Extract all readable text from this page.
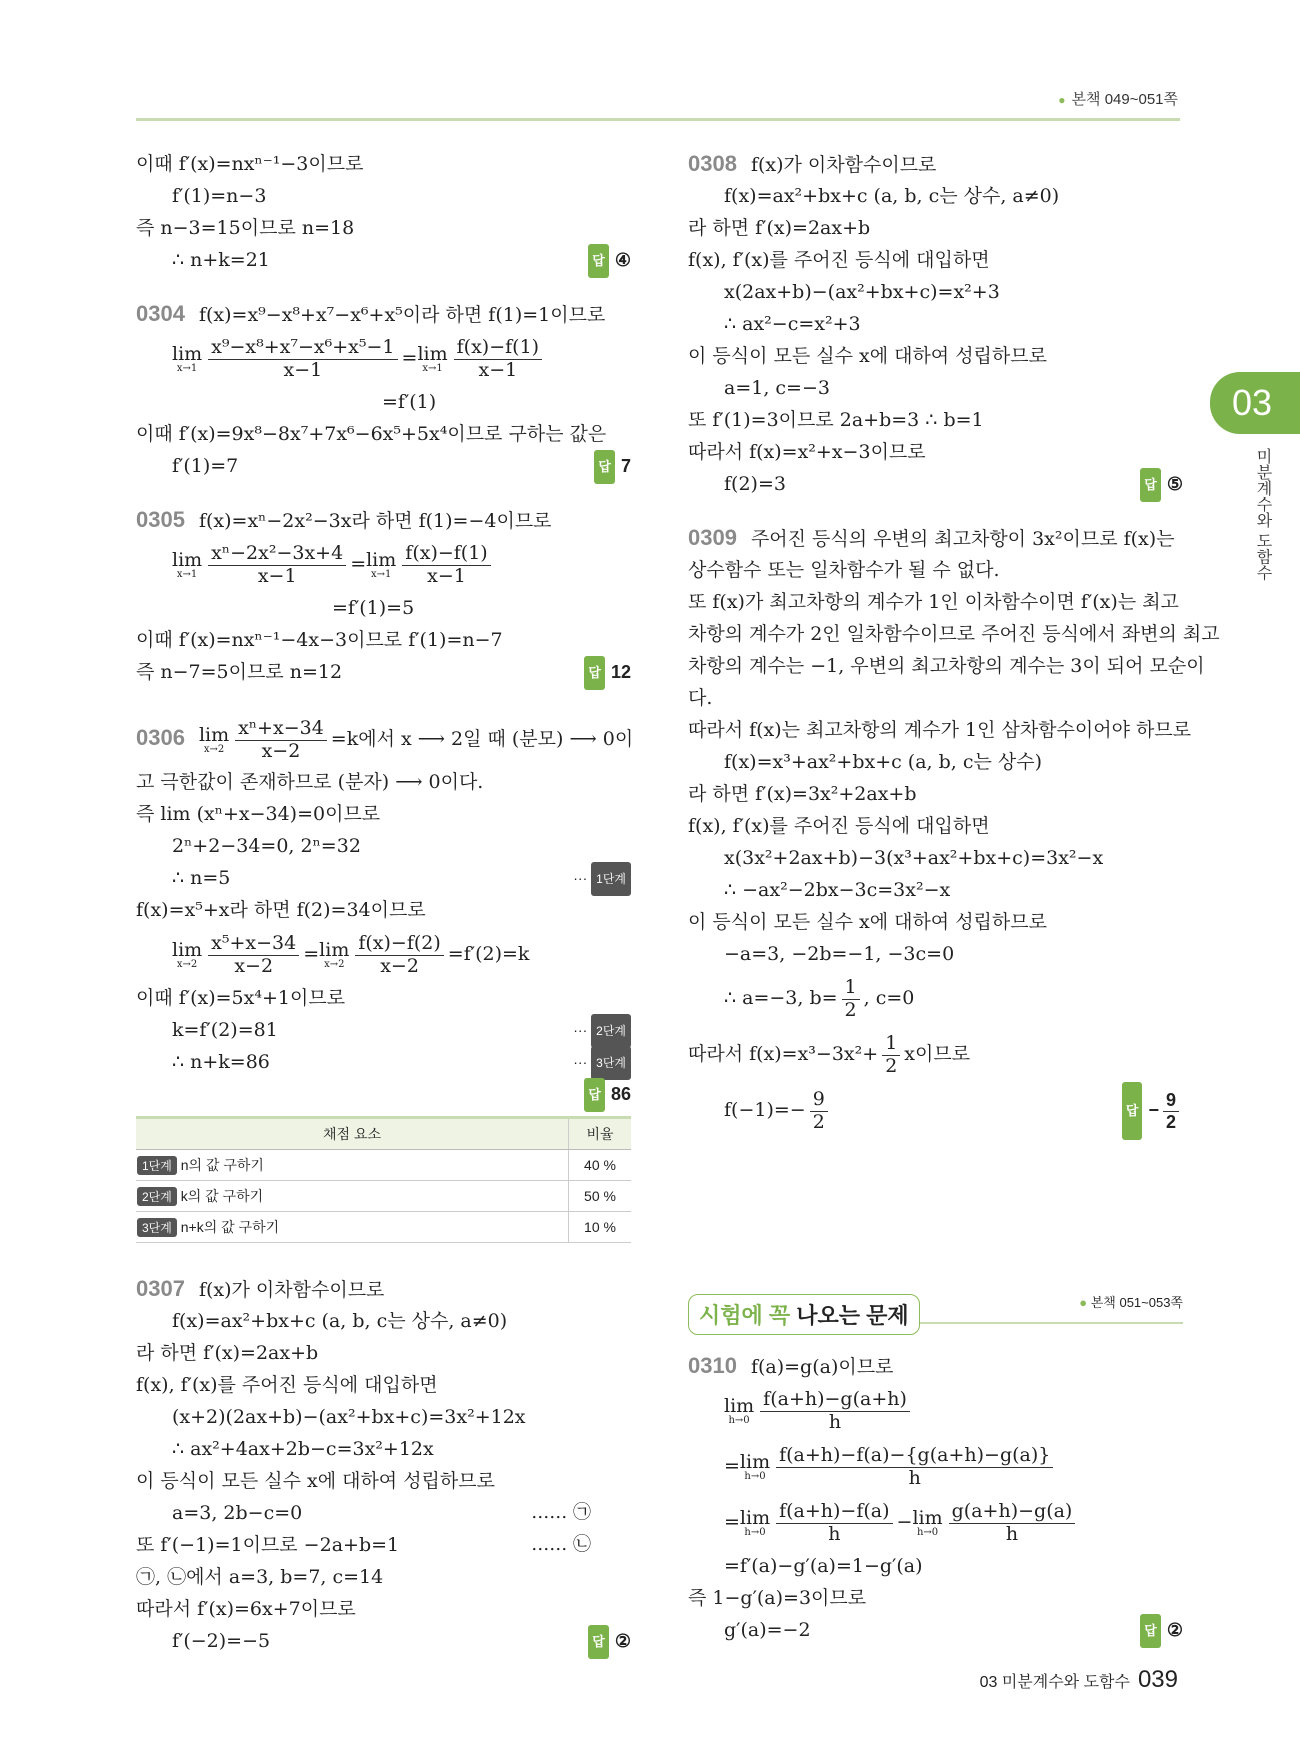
● 본책 049~051쪽
03
미분계수와 도함수
이때 f′(x)=nxⁿ⁻¹−3이므로
f′(1)=n−3
즉 n−3=15이므로 n=18
∴ n+k=21	답 ④
0304 f(x)=x⁹−x⁸+x⁷−x⁶+x⁵이라 하면 f(1)=1이므로
lim
$x\to 1 \frac{\text{x⁹−x⁸+x⁷−x⁶+x⁵−1}}{x-1} =\lim$
$x\to 1 \frac{f(x)-f(1)}{x-1}$
=f′(1)
이때 f′(x)=9x⁸−8x⁷+7x⁶−6x⁵+5x⁴이므로 구하는 값은
f′(1)=7	답 7
0305 f(x)=xⁿ−2x²−3x라 하면 f(1)=−4이므로
lim
$x\to 1 \frac{\text{xⁿ−2x²−3x+4}}{x-1} =\lim$
$x\to 1 \frac{f(x)-f(1)}{x-1}$
=f′(1)=5
이때 f′(x)=nxⁿ⁻¹−4x−3이므로 f′(1)=n−7
즉 n−7=5이므로 n=12	답 12
0306 lim
$x\to 2 \frac{\text{xⁿ+x−34}}{x-2} =k$에서 x ⟶ 2일 때 (분모) ⟶ 0이
고 극한값이 존재하므로 (분자) ⟶ 0이다.
즉 lim (xⁿ+x−34)=0이므로
2ⁿ+2−34=0, 2ⁿ=32
∴ n=5	··· 1단계
f(x)=x⁵+x라 하면 f(2)=34이므로
lim
$x\to 2 \frac{\text{x⁵+x−34}}{x-2} =\lim$
$x\to 2 \frac{f(x)-f(2)}{x-2} =f'(2)=k$
이때 f′(x)=5x⁴+1이므로
k=f′(2)=81	··· 2단계
∴ n+k=86	··· 3단계
답 86
채점 요소	비율
1단계 n의 값 구하기	40 %
2단계 k의 값 구하기	50 %
3단계 n+k의 값 구하기	10 %
0307 f(x)가 이차함수이므로
f(x)=ax²+bx+c (a, b, c는 상수, a≠0)
라 하면 f′(x)=2ax+b
f(x), f′(x)를 주어진 등식에 대입하면
(x+2)(2ax+b)−(ax²+bx+c)=3x²+12x
∴ ax²+4ax+2b−c=3x²+12x
이 등식이 모든 실수 x에 대하여 성립하므로
a=3, 2b−c=0	…… ㉠
또 f′(−1)=1이므로 −2a+b=1	…… ㉡
㉠, ㉡에서 a=3, b=7, c=14
따라서 f′(x)=6x+7이므로
f′(−2)=−5	답 ②
0308 f(x)가 이차함수이므로
f(x)=ax²+bx+c (a, b, c는 상수, a≠0)
라 하면 f′(x)=2ax+b
f(x), f′(x)를 주어진 등식에 대입하면
x(2ax+b)−(ax²+bx+c)=x²+3
∴ ax²−c=x²+3
이 등식이 모든 실수 x에 대하여 성립하므로
a=1, c=−3
또 f′(1)=3이므로 2a+b=3 ∴ b=1
따라서 f(x)=x²+x−3이므로
f(2)=3	답 ⑤
0309 주어진 등식의 우변의 최고차항이 3x²이므로 f(x)는
상수함수 또는 일차함수가 될 수 없다.
또 f(x)가 최고차항의 계수가 1인 이차함수이면 f′(x)는 최고
차항의 계수가 2인 일차함수이므로 주어진 등식에서 좌변의 최고
차항의 계수는 −1, 우변의 최고차항의 계수는 3이 되어 모순이
다.
따라서 f(x)는 최고차항의 계수가 1인 삼차함수이어야 하므로
f(x)=x³+ax²+bx+c (a, b, c는 상수)
라 하면 f′(x)=3x²+2ax+b
f(x), f′(x)를 주어진 등식에 대입하면
x(3x²+2ax+b)−3(x³+ax²+bx+c)=3x²−x
∴ −ax²−2bx−3c=3x²−x
이 등식이 모든 실수 x에 대하여 성립하므로
−a=3, −2b=−1, −3c=0
∴ a=−3, $b= \frac{1}{2}$ , c=0
따라서 $f(x)=x^3-3x^2+ \frac{1}{2}$ x이므로
$f(-1)=- \frac{9}{2}$	답 − $\frac{9}{2}$
시험에 꼭 나오는 문제
● 본책 051~053쪽
0310 f(a)=g(a)이므로
lim
$h\to 0 \frac{f(a+h)-g(a+h)}{h}$
=lim
$h\to 0 \frac{f(a+h)-f(a)-\{g(a+h)-g(a)\}}{h}$
=lim
$h\to 0 \frac{f(a+h)-f(a)}{h} -\lim$
$h\to 0 \frac{g(a+h)-g(a)}{h}$
=f′(a)−g′(a)=1−g′(a)
즉 1−g′(a)=3이므로
g′(a)=−2	답 ②
03 미분계수와 도함수 039
